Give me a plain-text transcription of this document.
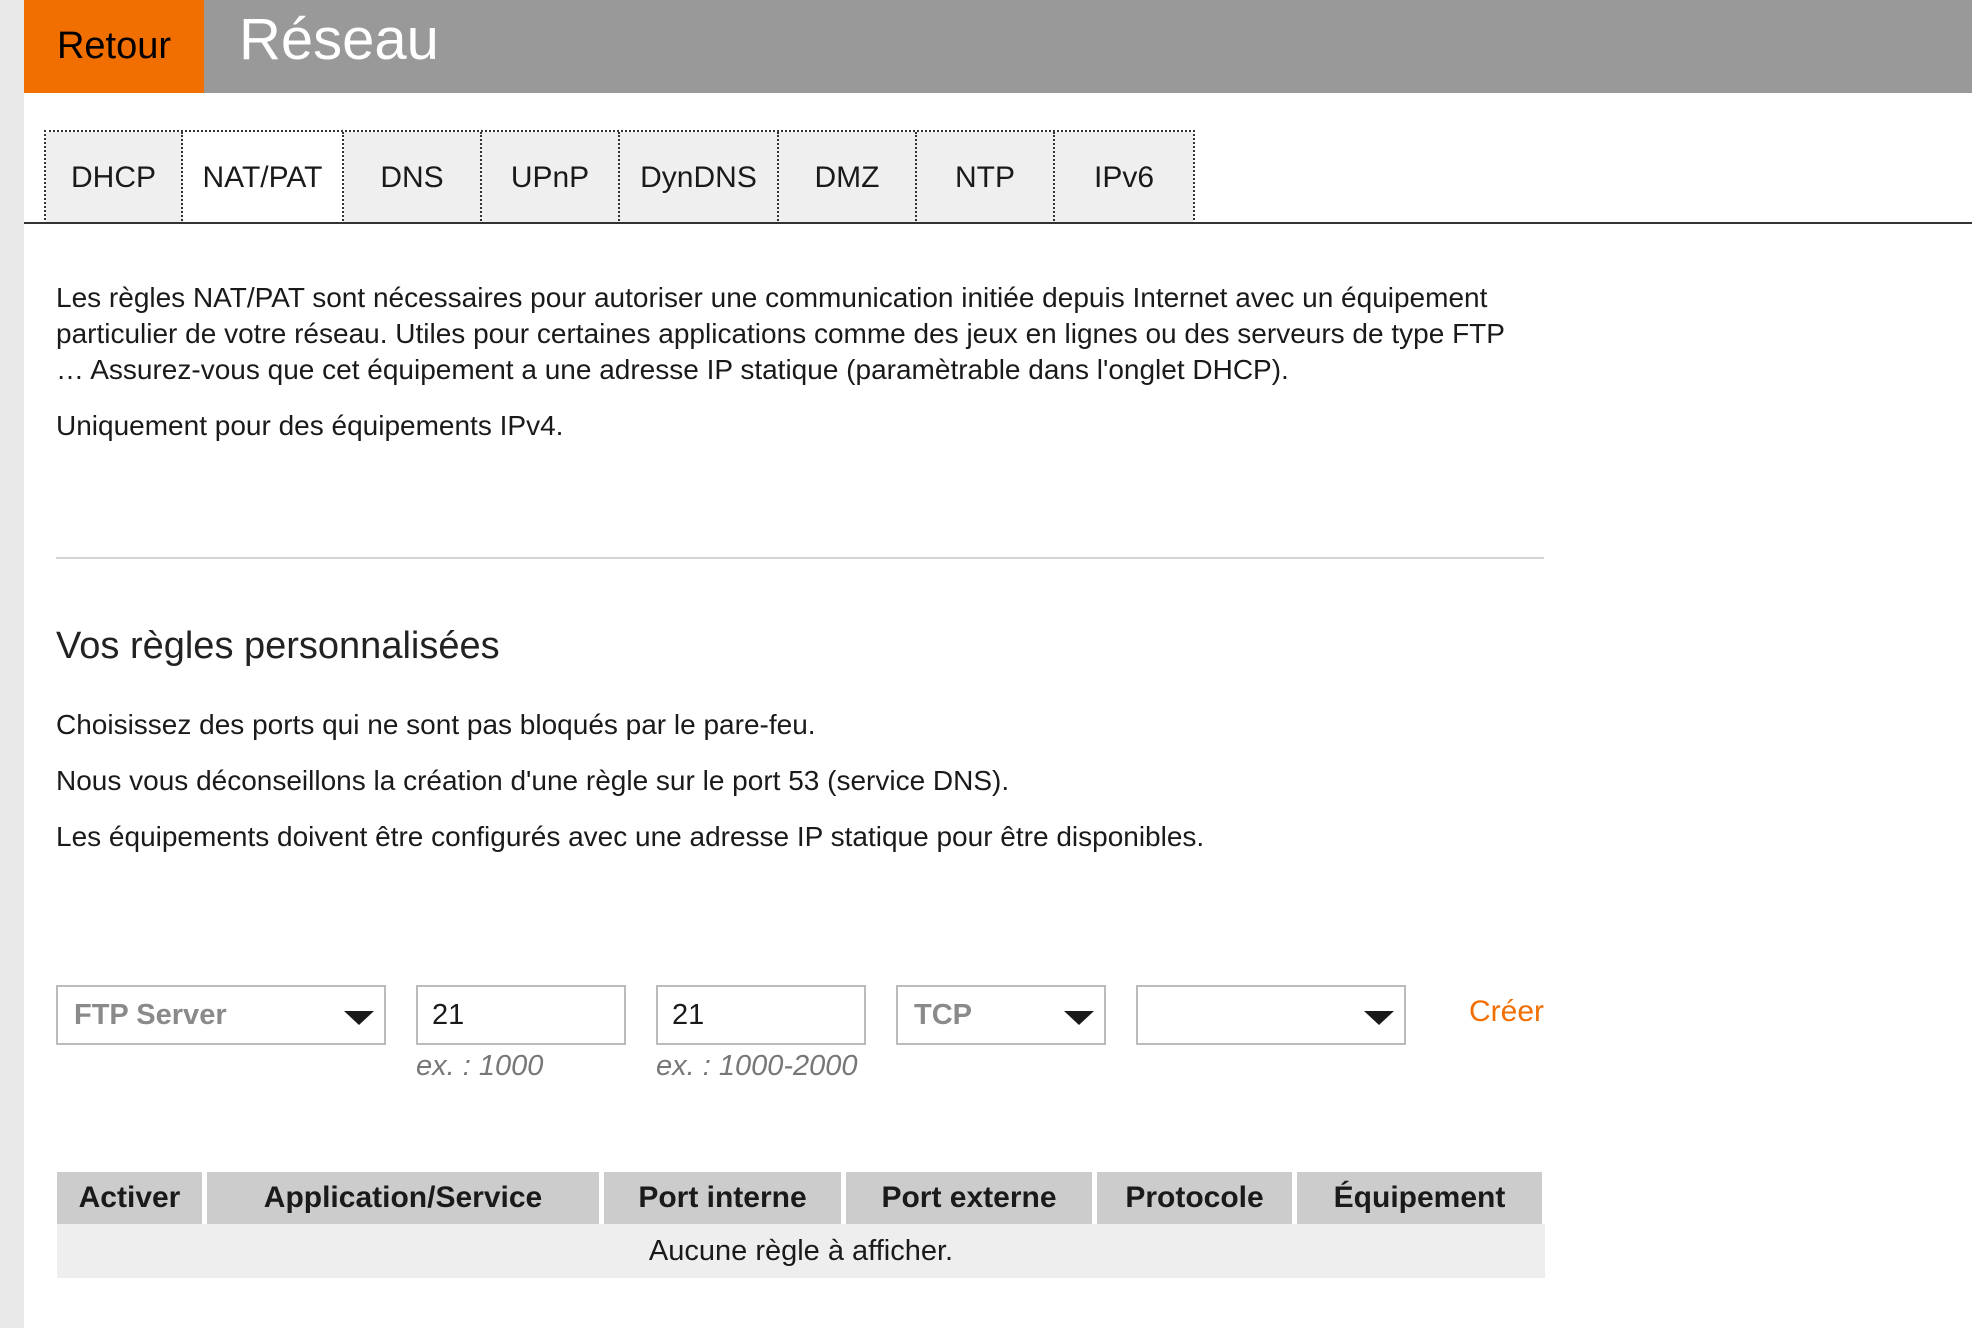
Retour	Réseau
DHCP	NAT/PAT	DNS	UPnP	DynDNS	DMZ	NTP	IPv6

Les règles NAT/PAT sont nécessaires pour autoriser une communication initiée depuis Internet avec un équipement particulier de votre réseau. Utiles pour certaines applications comme des jeux en lignes ou des serveurs de type FTP … Assurez-vous que cet équipement a une adresse IP statique (paramètrable dans l'onglet DHCP).

Uniquement pour des équipements IPv4.

Vos règles personnalisées

Choisissez des ports qui ne sont pas bloqués par le pare-feu.

Nous vous déconseillons la création d'une règle sur le port 53 (service DNS).

Les équipements doivent être configurés avec une adresse IP statique pour être disponibles.

FTP Server
21
ex. : 1000
21	ex. : 1000-2000
TCP	Créer
Activer	Application/Service	Port interne	Port externe	Protocole	Équipement
Aucune règle à afficher.
